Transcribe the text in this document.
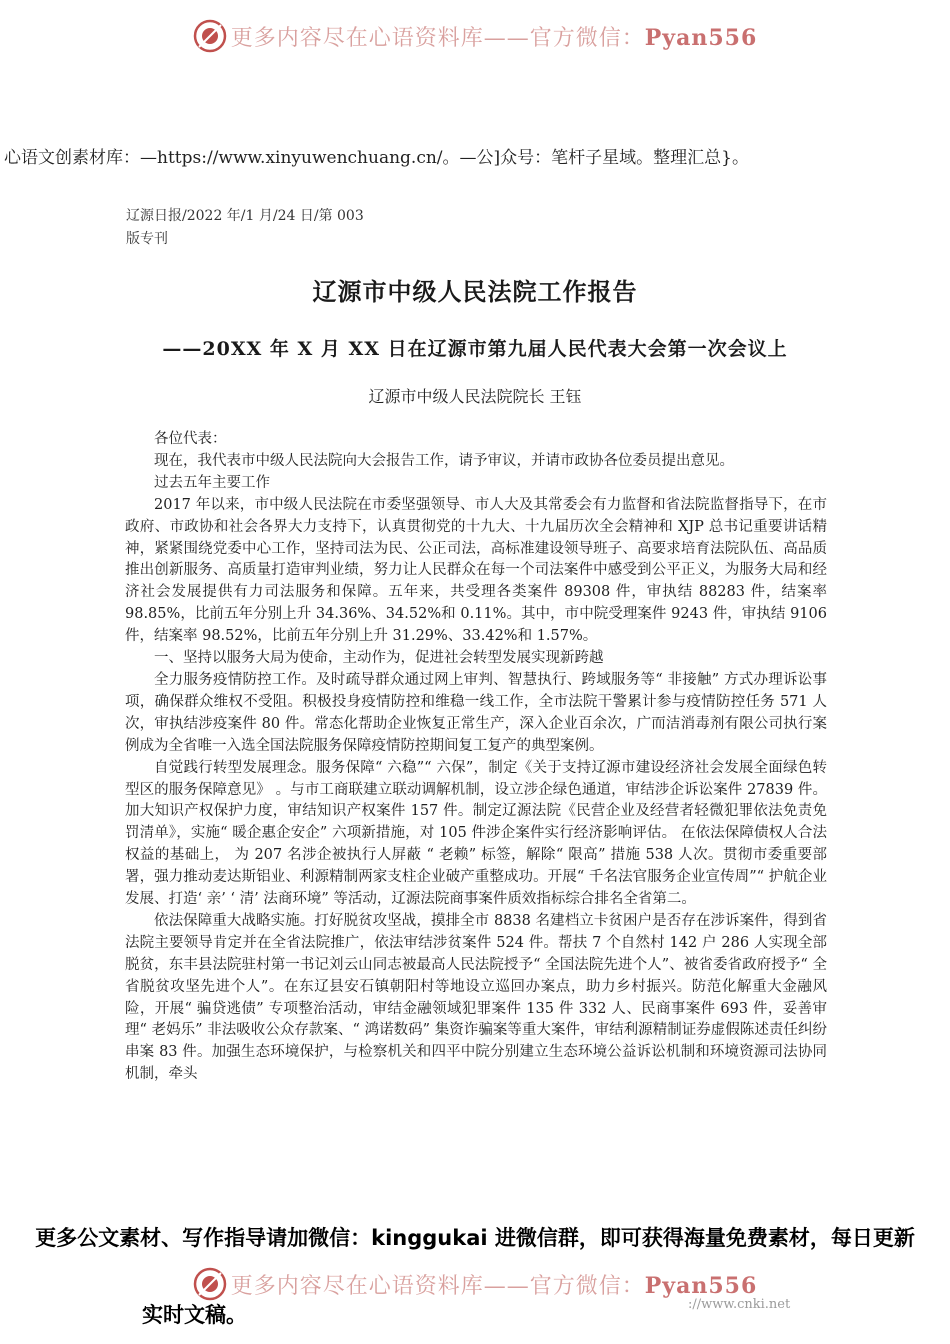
更多内容尽在心语资料库——官方微信：Pyan556
心语文创素材库：—https://www.xinyuwenchuang.cn/。—公]众号：笔杆子星域。整理汇总}。
辽源日报/2022 年/1 月/24 日/第 003
版专刊
辽源市中级人民法院工作报告
——20XX 年 X 月 XX 日在辽源市第九届人民代表大会第一次会议上
辽源市中级人民法院院长 王钰

各位代表：

现在，我代表市中级人民法院向大会报告工作，请予审议，并请市政协各位委员提出意见。

过去五年主要工作

2017 年以来，市中级人民法院在市委坚强领导、市人大及其常委会有力监督和省法院监督指导下，在市政府、市政协和社会各界大力支持下，认真贯彻党的十九大、十九届历次全会精神和 XJP 总书记重要讲话精神，紧紧围绕党委中心工作，坚持司法为民、公正司法，高标准建设领导班子、高要求培育法院队伍、高品质推出创新服务、高质量打造审判业绩，努力让人民群众在每一个司法案件中感受到公平正义，为服务大局和经济社会发展提供有力司法服务和保障。五年来，共受理各类案件 89308 件，审执结 88283 件，结案率 98.85%，比前五年分别上升 34.36%、34.52%和 0.11%。其中，市中院受理案件 9243 件，审执结 9106 件，结案率 98.52%，比前五年分别上升 31.29%、33.42%和 1.57%。

一、坚持以服务大局为使命，主动作为，促进社会转型发展实现新跨越

全力服务疫情防控工作。及时疏导群众通过网上审判、智慧执行、跨域服务等“ 非接触” 方式办理诉讼事项，确保群众维权不受阻。积极投身疫情防控和维稳一线工作，全市法院干警累计参与疫情防控任务 571 人次，审执结涉疫案件 80 件。常态化帮助企业恢复正常生产，深入企业百余次，广而洁消毒剂有限公司执行案例成为全省唯一入选全国法院服务保障疫情防控期间复工复产的典型案例。

自觉践行转型发展理念。服务保障“ 六稳”“ 六保”，制定《关于支持辽源市建设经济社会发展全面绿色转型区的服务保障意见》 。与市工商联建立联动调解机制，设立涉企绿色通道，审结涉企诉讼案件 27839 件。加大知识产权保护力度，审结知识产权案件 157 件。制定辽源法院《民营企业及经营者轻微犯罪依法免责免罚清单》，实施“ 暖企惠企安企” 六项新措施，对 105 件涉企案件实行经济影响评估。 在依法保障债权人合法权益的基础上， 为 207 名涉企被执行人屏蔽 “ 老赖” 标签，解除“ 限高” 措施 538 人次。贯彻市委重要部署，强力推动麦达斯铝业、利源精制两家支柱企业破产重整成功。开展“ 千名法官服务企业宣传周”“ 护航企业发展、打造‘ 亲’ ‘ 清’ 法商环境” 等活动，辽源法院商事案件质效指标综合排名全省第二。

依法保障重大战略实施。打好脱贫攻坚战，摸排全市 8838 名建档立卡贫困户是否存在涉诉案件，得到省法院主要领导肯定并在全省法院推广，依法审结涉贫案件 524 件。帮扶 7 个自然村 142 户 286 人实现全部脱贫，东丰县法院驻村第一书记刘云山同志被最高人民法院授予“ 全国法院先进个人”、被省委省政府授予“ 全省脱贫攻坚先进个人”。在东辽县安石镇朝阳村等地设立巡回办案点，助力乡村振兴。防范化解重大金融风险，开展“ 骗贷逃债” 专项整治活动，审结金融领域犯罪案件 135 件 332 人、民商事案件 693 件，妥善审理“ 老妈乐” 非法吸收公众存款案、“ 鸿诺数码” 集资诈骗案等重大案件，审结利源精制证券虚假陈述责任纠纷串案 83 件。加强生态环境保护，与检察机关和四平中院分别建立生态环境公益诉讼机制和环境资源司法协同机制，牵头

更多公文素材、写作指导请加微信：kinggukai 进微信群，即可获得海量免费素材，每日更新
更多内容尽在心语资料库——官方微信：Pyan556
实时文稿。	://www.cnki.net
